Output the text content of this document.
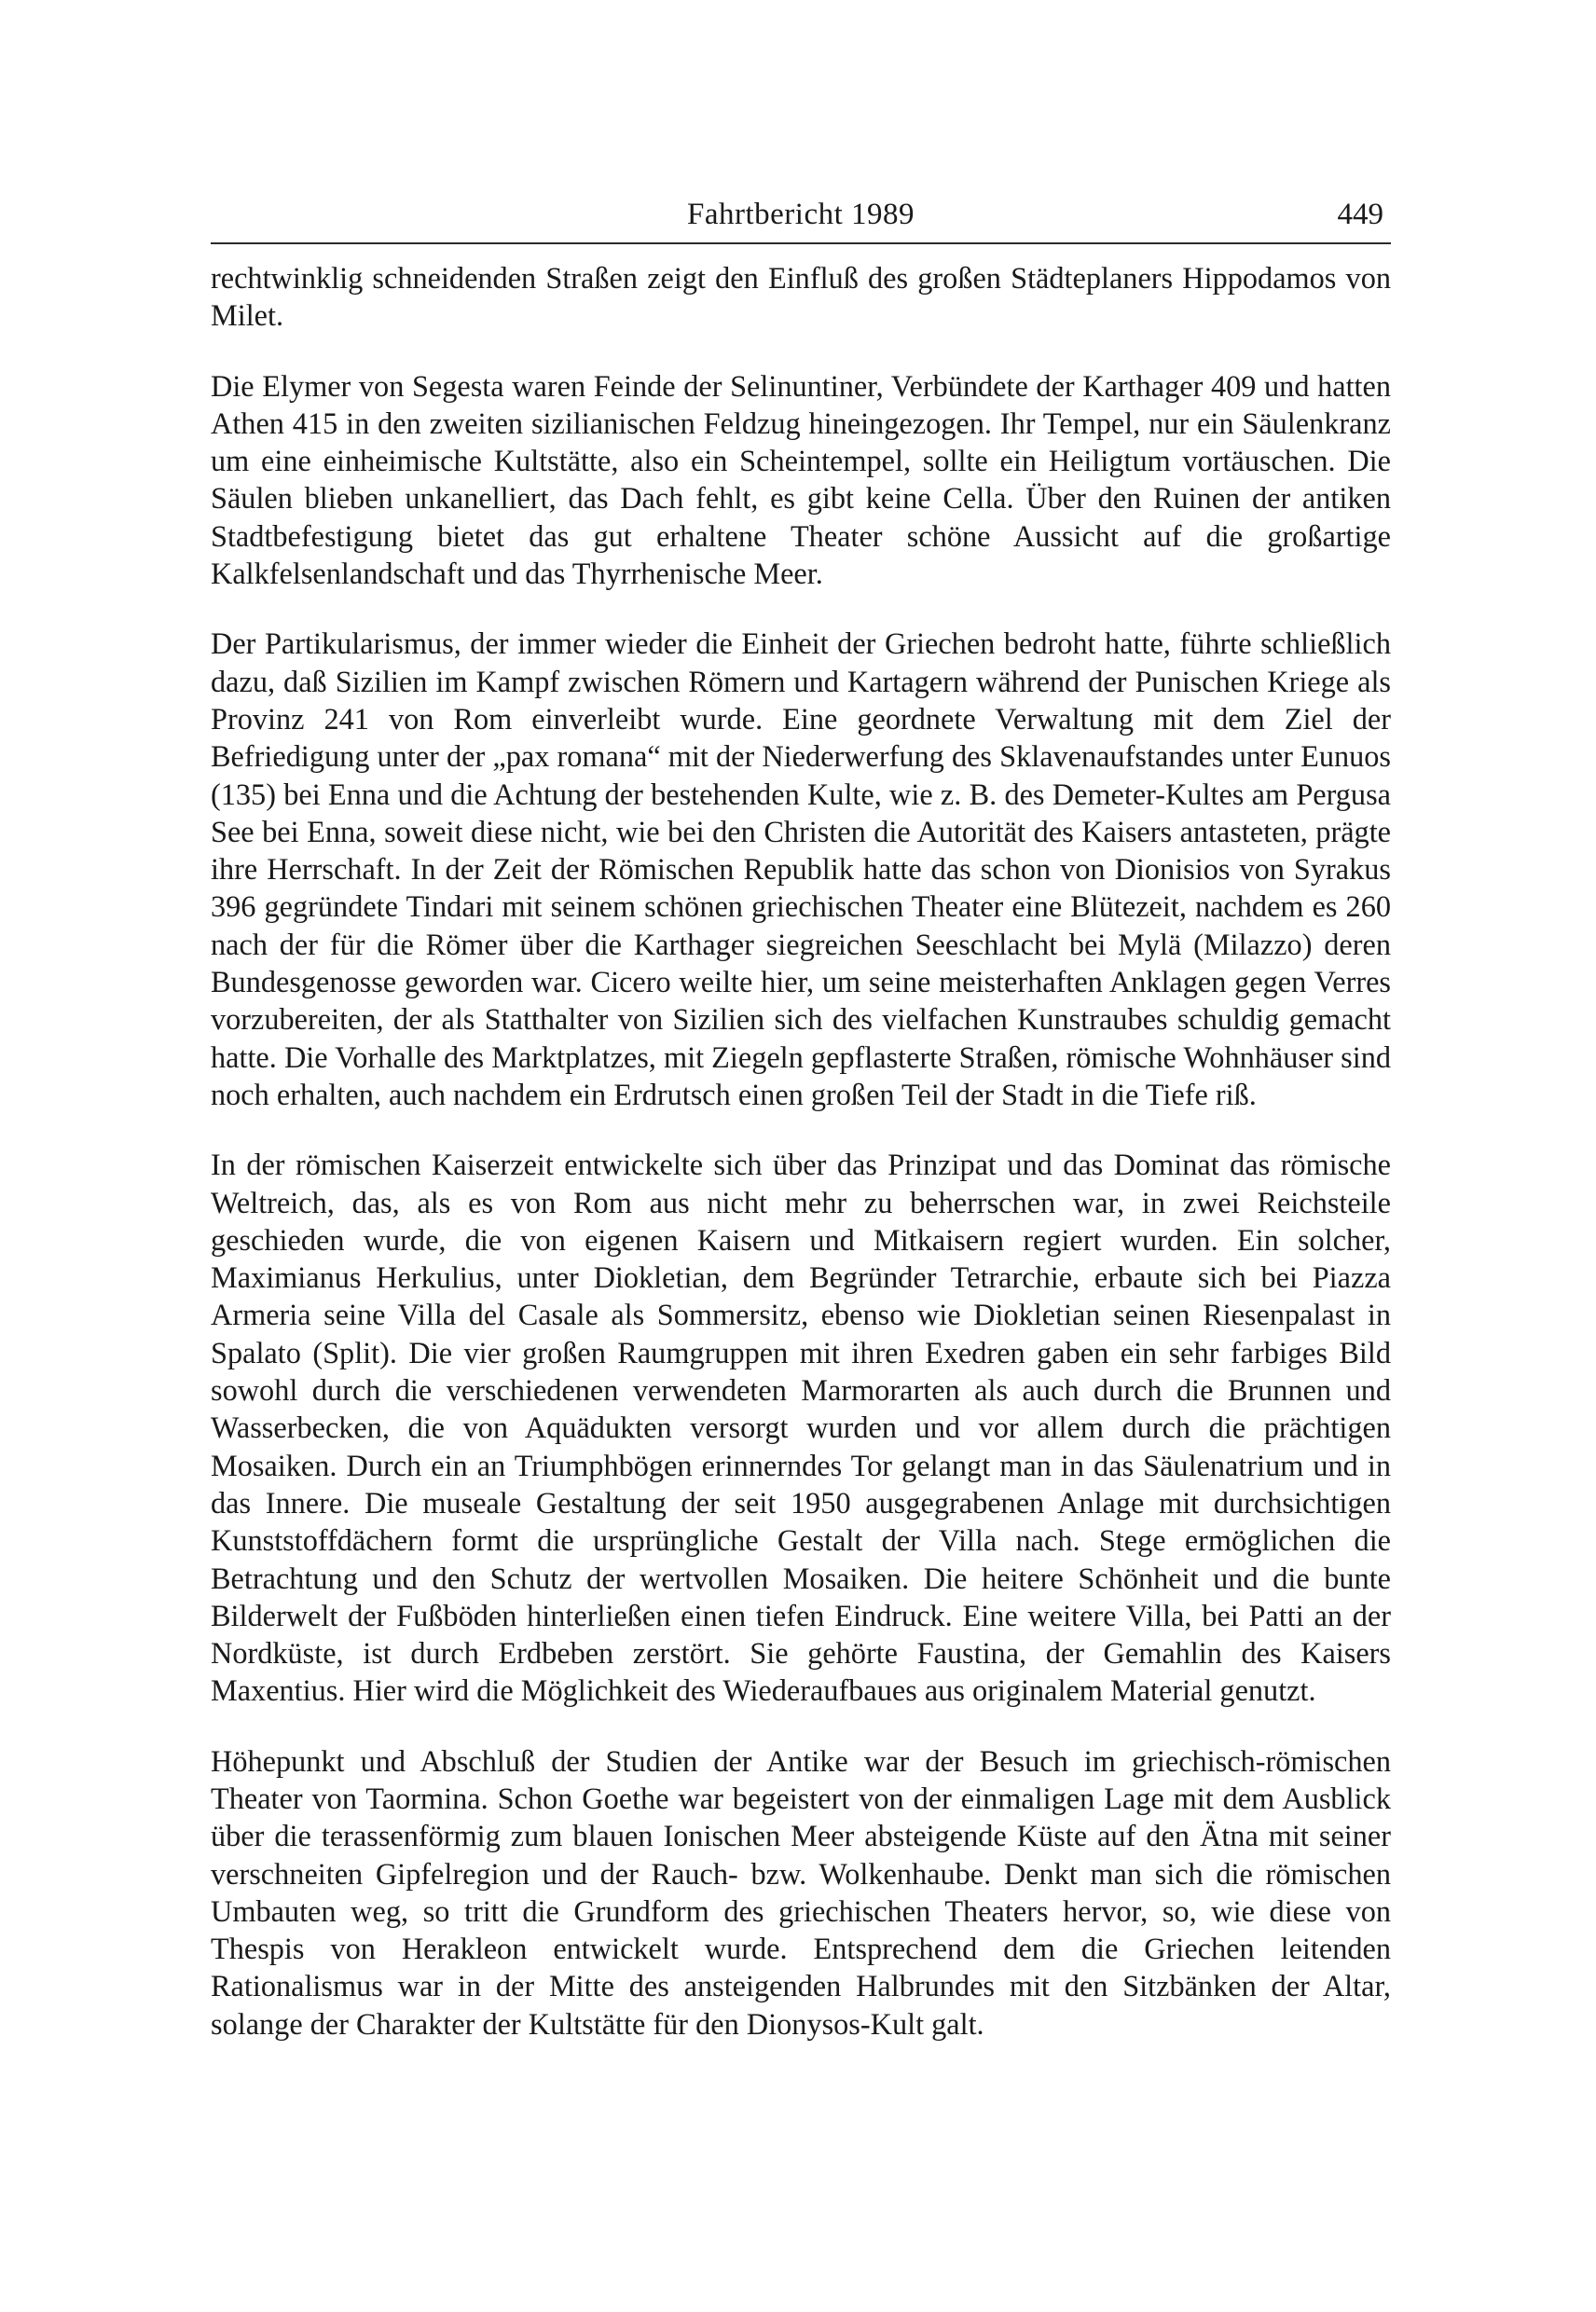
Fahrtbericht 1989	449

rechtwinklig schneidenden Straßen zeigt den Einfluß des großen Städteplaners Hippodamos von Milet.

Die Elymer von Segesta waren Feinde der Selinuntiner, Verbündete der Karthager 409 und hatten Athen 415 in den zweiten sizilianischen Feldzug hineingezogen. Ihr Tempel, nur ein Säulenkranz um eine einheimische Kultstätte, also ein Scheintempel, sollte ein Heiligtum vortäuschen. Die Säulen blieben unkanelliert, das Dach fehlt, es gibt keine Cella. Über den Ruinen der antiken Stadtbefestigung bietet das gut erhaltene Theater schöne Aussicht auf die großartige Kalkfelsenlandschaft und das Thyrrhenische Meer.

Der Partikularismus, der immer wieder die Einheit der Griechen bedroht hatte, führte schließlich dazu, daß Sizilien im Kampf zwischen Römern und Kartagern während der Punischen Kriege als Provinz 241 von Rom einverleibt wurde. Eine geordnete Verwaltung mit dem Ziel der Befriedigung unter der „pax romana“ mit der Niederwerfung des Sklavenaufstandes unter Eunuos (135) bei Enna und die Achtung der bestehenden Kulte, wie z. B. des Demeter-Kultes am Pergusa See bei Enna, soweit diese nicht, wie bei den Christen die Autorität des Kaisers antasteten, prägte ihre Herrschaft. In der Zeit der Römischen Republik hatte das schon von Dionisios von Syrakus 396 gegründete Tindari mit seinem schönen griechischen Theater eine Blütezeit, nachdem es 260 nach der für die Römer über die Karthager siegreichen Seeschlacht bei Mylä (Milazzo) deren Bundesgenosse geworden war. Cicero weilte hier, um seine meisterhaften Anklagen gegen Verres vorzubereiten, der als Statthalter von Sizilien sich des vielfachen Kunstraubes schuldig gemacht hatte. Die Vorhalle des Marktplatzes, mit Ziegeln gepflasterte Straßen, römische Wohnhäuser sind noch erhalten, auch nachdem ein Erdrutsch einen großen Teil der Stadt in die Tiefe riß.

In der römischen Kaiserzeit entwickelte sich über das Prinzipat und das Dominat das römische Weltreich, das, als es von Rom aus nicht mehr zu beherrschen war, in zwei Reichsteile geschieden wurde, die von eigenen Kaisern und Mitkaisern regiert wurden. Ein solcher, Maximianus Herkulius, unter Diokletian, dem Begründer Tetrarchie, erbaute sich bei Piazza Armeria seine Villa del Casale als Sommersitz, ebenso wie Diokletian seinen Riesenpalast in Spalato (Split). Die vier großen Raumgruppen mit ihren Exedren gaben ein sehr farbiges Bild sowohl durch die verschiedenen verwendeten Marmorarten als auch durch die Brunnen und Wasserbecken, die von Aquädukten versorgt wurden und vor allem durch die prächtigen Mosaiken. Durch ein an Triumphbögen erinnerndes Tor gelangt man in das Säulenatrium und in das Innere. Die museale Gestaltung der seit 1950 ausgegrabenen Anlage mit durchsichtigen Kunststoffdächern formt die ursprüngliche Gestalt der Villa nach. Stege ermöglichen die Betrachtung und den Schutz der wertvollen Mosaiken. Die heitere Schönheit und die bunte Bilderwelt der Fußböden hinterließen einen tiefen Eindruck. Eine weitere Villa, bei Patti an der Nordküste, ist durch Erdbeben zerstört. Sie gehörte Faustina, der Gemahlin des Kaisers Maxentius. Hier wird die Möglichkeit des Wiederaufbaues aus originalem Material genutzt.

Höhepunkt und Abschluß der Studien der Antike war der Besuch im griechisch-römischen Theater von Taormina. Schon Goethe war begeistert von der einmaligen Lage mit dem Ausblick über die terassenförmig zum blauen Ionischen Meer absteigende Küste auf den Ätna mit seiner verschneiten Gipfelregion und der Rauch- bzw. Wolkenhaube. Denkt man sich die römischen Umbauten weg, so tritt die Grundform des griechischen Theaters hervor, so, wie diese von Thespis von Herakleon entwickelt wurde. Entsprechend dem die Griechen leitenden Rationalismus war in der Mitte des ansteigenden Halbrundes mit den Sitzbänken der Altar, solange der Charakter der Kultstätte für den Dionysos-Kult galt.
